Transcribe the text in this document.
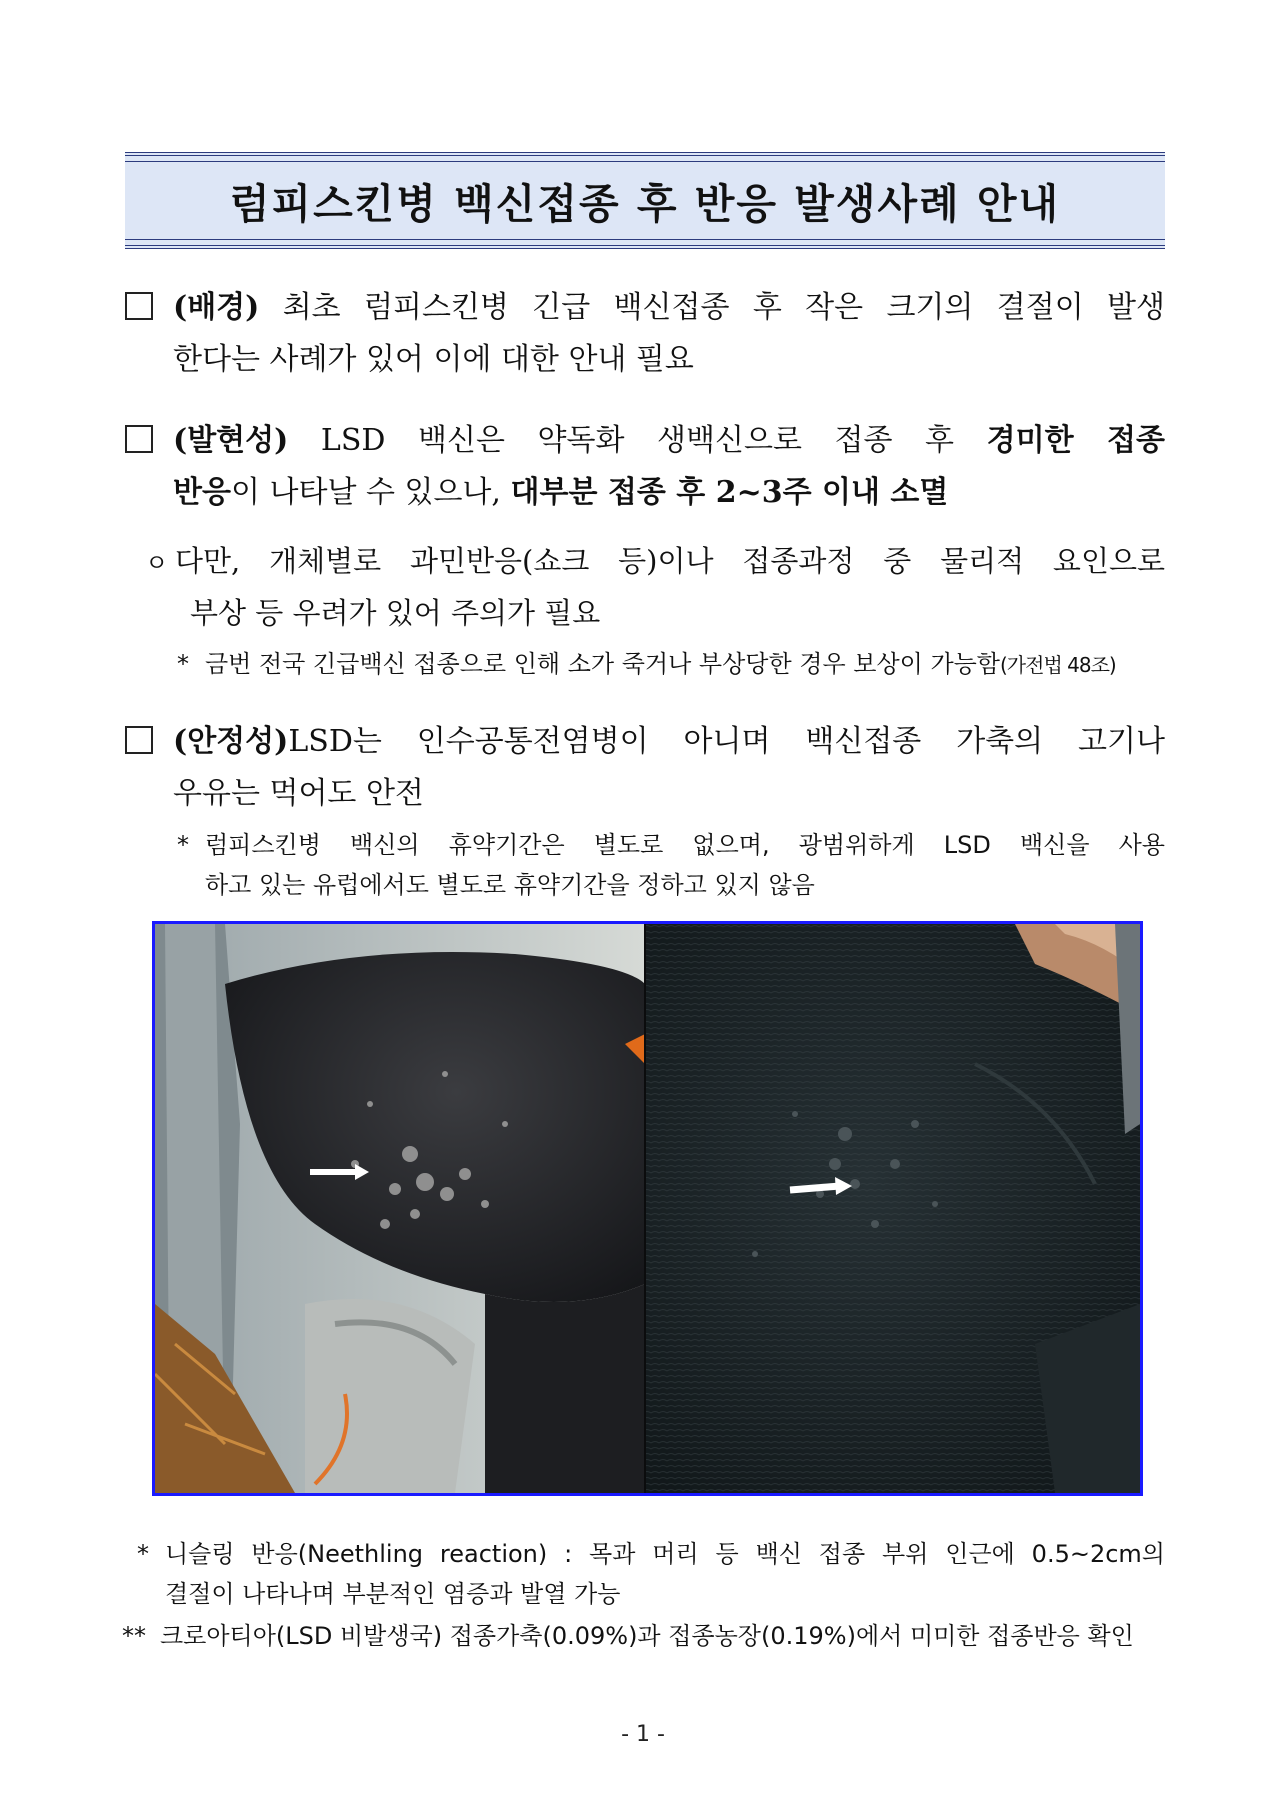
럼피스킨병 백신접종 후 반응 발생사례 안내
(배경) 최초 럼피스킨병 긴급 백신접종 후 작은 크기의 결절이 발생
한다는 사례가 있어 이에 대한 안내 필요
(발현성) LSD 백신은 약독화 생백신으로 접종 후 경미한 접종
반응이 나타날 수 있으나, 대부분 접종 후 2~3주 이내 소멸
ㅇ 다만, 개체별로 과민반응(쇼크 등)이나 접종과정 중 물리적 요인으로
부상 등 우려가 있어 주의가 필요
* 금번 전국 긴급백신 접종으로 인해 소가 죽거나 부상당한 경우 보상이 가능함(가전법 48조)
(안정성)LSD는 인수공통전염병이 아니며 백신접종 가축의 고기나
우유는 먹어도 안전
* 럼피스킨병 백신의 휴약기간은 별도로 없으며, 광범위하게 LSD 백신을 사용
하고 있는 유럽에서도 별도로 휴약기간을 정하고 있지 않음
* 니슬링 반응(Neethling reaction) : 목과 머리 등 백신 접종 부위 인근에 0.5~2cm의
결절이 나타나며 부분적인 염증과 발열 가능
** 크로아티아(LSD 비발생국) 접종가축(0.09%)과 접종농장(0.19%)에서 미미한 접종반응 확인
- 1 -
